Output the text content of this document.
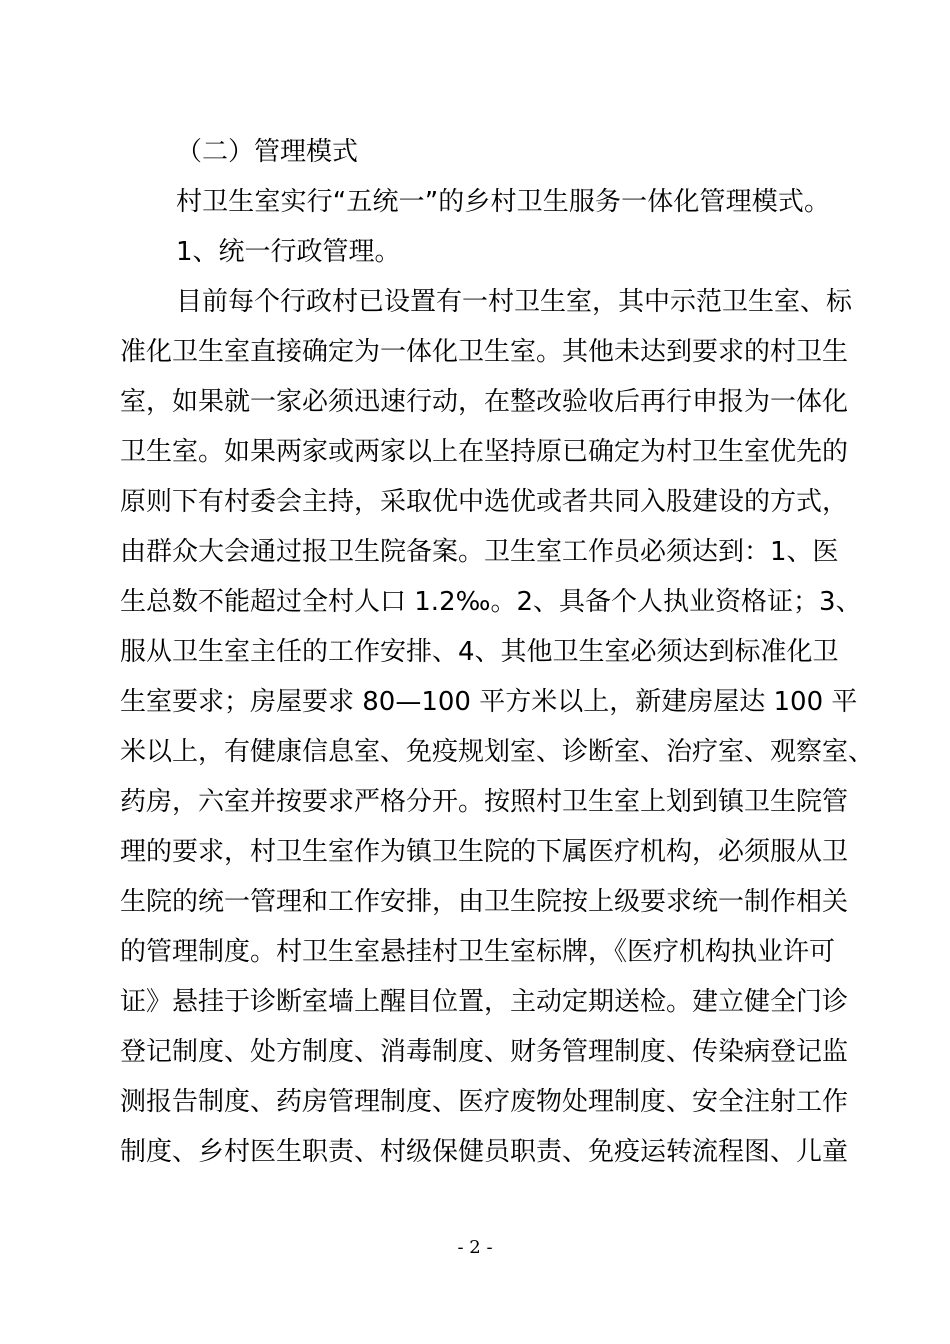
（二）管理模式
村卫生室实行“五统一”的乡村卫生服务一体化管理模式。
1、统一行政管理。
目前每个行政村已设置有一村卫生室，其中示范卫生室、标
准化卫生室直接确定为一体化卫生室。其他未达到要求的村卫生
室，如果就一家必须迅速行动，在整改验收后再行申报为一体化
卫生室。如果两家或两家以上在坚持原已确定为村卫生室优先的
原则下有村委会主持，采取优中选优或者共同入股建设的方式，
由群众大会通过报卫生院备案。卫生室工作员必须达到：1、医
生总数不能超过全村人口 1.2‰。2、具备个人执业资格证；3、
服从卫生室主任的工作安排、4、其他卫生室必须达到标准化卫
生室要求；房屋要求 80—100 平方米以上，新建房屋达 100 平
米以上，有健康信息室、免疫规划室、诊断室、治疗室、观察室、
药房，六室并按要求严格分开。按照村卫生室上划到镇卫生院管
理的要求，村卫生室作为镇卫生院的下属医疗机构，必须服从卫
生院的统一管理和工作安排，由卫生院按上级要求统一制作相关
的管理制度。村卫生室悬挂村卫生室标牌，《医疗机构执业许可
证》悬挂于诊断室墙上醒目位置，主动定期送检。建立健全门诊
登记制度、处方制度、消毒制度、财务管理制度、传染病登记监
测报告制度、药房管理制度、医疗废物处理制度、安全注射工作
制度、乡村医生职责、村级保健员职责、免疫运转流程图、儿童
- 2 -
